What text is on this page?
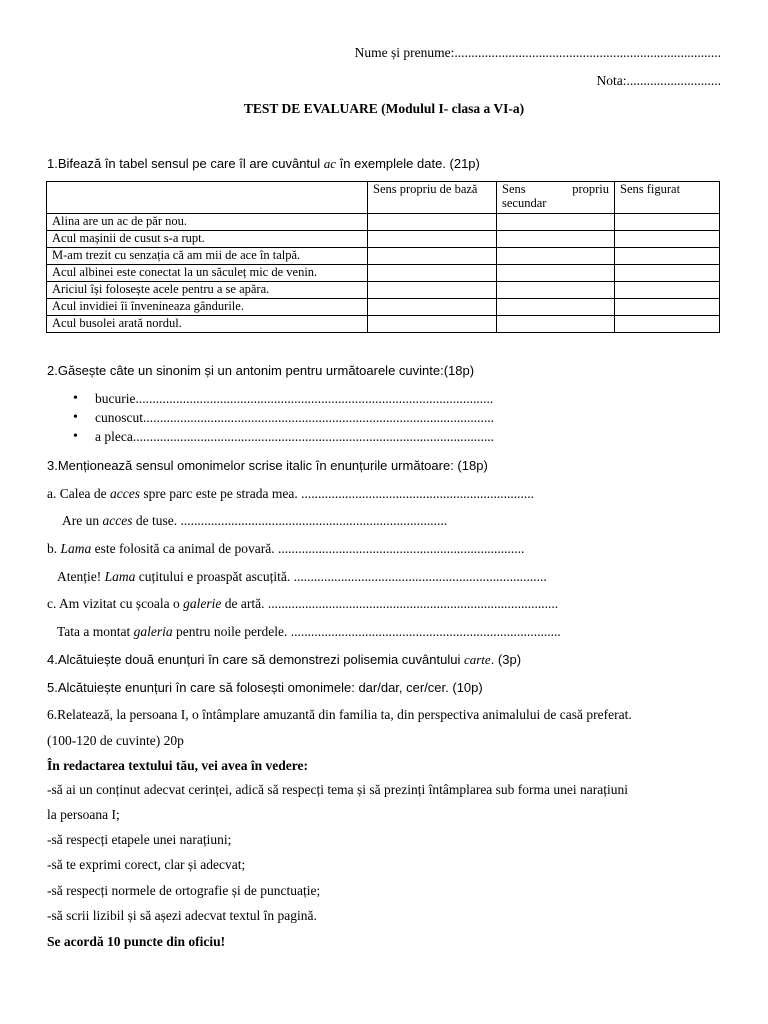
Nume și prenume:...............................................................................
Nota:............................
TEST DE EVALUARE (Modulul I- clasa a VI-a)
1.Bifează în tabel sensul pe care îl are cuvântul ac în exemplele date. (21p)
	Sens propriu de bază	Sens propriu secundar	Sens figurat
Alina are un ac de păr nou.			
Acul mașinii de cusut s-a rupt.			
M-am trezit cu senzația că am mii de ace în talpă.			
Acul albinei este conectat la un săculeț mic de venin.			
Ariciul își folosește acele pentru a se apăra.			
Acul invidiei îi învenineaza gândurile.			
Acul busolei arată nordul.			
2.Găsește câte un sinonim și un antonim pentru următoarele cuvinte:(18p)
• bucurie..........................................................................................................
• cunoscut........................................................................................................
• a pleca...........................................................................................................
3.Menționează sensul omonimelor scrise italic în enunțurile următoare: (18p)
a. Calea de acces spre parc este pe strada mea. .....................................................................
Are un acces de tuse. ...............................................................................
b. Lama este folosită ca animal de povară. .........................................................................
Atenție! Lama cuțitului e proaspăt ascuțită. ...........................................................................
c. Am vizitat cu școala o galerie de artă. ......................................................................................
Tata a montat galeria pentru noile perdele. ................................................................................
4.Alcătuiește două enunțuri în care să demonstrezi polisemia cuvântului carte. (3p)
5.Alcătuiește enunțuri în care să folosești omonimele: dar/dar, cer/cer. (10p)
6.Relatează, la persoana I, o întâmplare amuzantă din familia ta, din perspectiva animalului de casă preferat.
(100-120 de cuvinte) 20p
În redactarea textului tău, vei avea în vedere:
-să ai un conținut adecvat cerinței, adică să respecți tema și să prezinți întâmplarea sub forma unei narațiuni
la persoana I;
-să respecți etapele unei narațiuni;
-să te exprimi corect, clar și adecvat;
-să respecți normele de ortografie și de punctuație;
-să scrii lizibil și să așezi adecvat textul în pagină.
Se acordă 10 puncte din oficiu!
